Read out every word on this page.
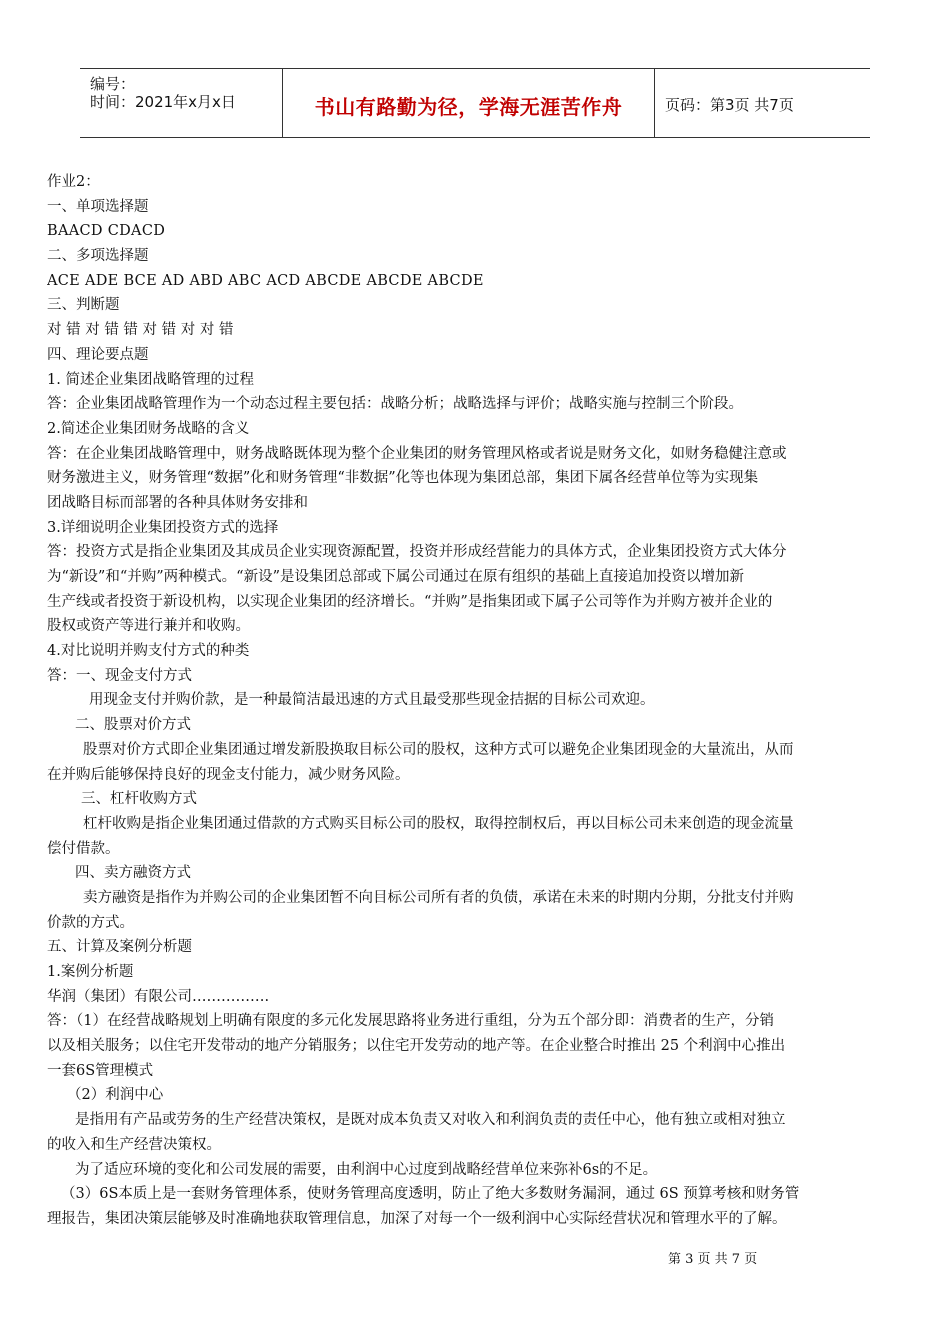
编号：
时间：2021年x月x日	书山有路勤为径，学海无涯苦作舟	页码：第3页 共7页
作业2：
一、单项选择题
BAACD CDACD
二、多项选择题
ACE ADE BCE AD ABD ABC ACD ABCDE ABCDE ABCDE
三、判断题
对 错 对 错 错 对 错 对 对 错
四、理论要点题
1. 简述企业集团战略管理的过程
答：企业集团战略管理作为一个动态过程主要包括：战略分析；战略选择与评价；战略实施与控制三个阶段。
2.简述企业集团财务战略的含义
答：在企业集团战略管理中，财务战略既体现为整个企业集团的财务管理风格或者说是财务文化，如财务稳健注意或
财务激进主义，财务管理“数据”化和财务管理“非数据”化等也体现为集团总部，集团下属各经营单位等为实现集
团战略目标而部署的各种具体财务安排和
3.详细说明企业集团投资方式的选择
答：投资方式是指企业集团及其成员企业实现资源配置，投资并形成经营能力的具体方式，企业集团投资方式大体分
为“新设”和“并购”两种模式。“新设”是设集团总部或下属公司通过在原有组织的基础上直接追加投资以增加新
生产线或者投资于新设机构，以实现企业集团的经济增长。“并购”是指集团或下属子公司等作为并购方被并企业的
股权或资产等进行兼并和收购。
4.对比说明并购支付方式的种类
答：一、现金支付方式
用现金支付并购价款，是一种最简洁最迅速的方式且最受那些现金拮据的目标公司欢迎。
二、股票对价方式
股票对价方式即企业集团通过增发新股换取目标公司的股权，这种方式可以避免企业集团现金的大量流出，从而
在并购后能够保持良好的现金支付能力，减少财务风险。
三、杠杆收购方式
杠杆收购是指企业集团通过借款的方式购买目标公司的股权，取得控制权后，再以目标公司未来创造的现金流量
偿付借款。
四、卖方融资方式
卖方融资是指作为并购公司的企业集团暂不向目标公司所有者的负债，承诺在未来的时期内分期，分批支付并购
价款的方式。
五、计算及案例分析题
1.案例分析题
华润（集团）有限公司…………….
答：（1）在经营战略规划上明确有限度的多元化发展思路将业务进行重组，分为五个部分即：消费者的生产，分销
以及相关服务；以住宅开发带动的地产分销服务；以住宅开发劳动的地产等。在企业整合时推出 25 个利润中心推出
一套6S管理模式
（2）利润中心
是指用有产品或劳务的生产经营决策权，是既对成本负责又对收入和利润负责的责任中心，他有独立或相对独立
的收入和生产经营决策权。
为了适应环境的变化和公司发展的需要，由利润中心过度到战略经营单位来弥补6s的不足。
（3）6S本质上是一套财务管理体系，使财务管理高度透明，防止了绝大多数财务漏洞，通过 6S 预算考核和财务管
理报告，集团决策层能够及时准确地获取管理信息，加深了对每一个一级利润中心实际经营状况和管理水平的了解。
第 3 页 共 7 页
